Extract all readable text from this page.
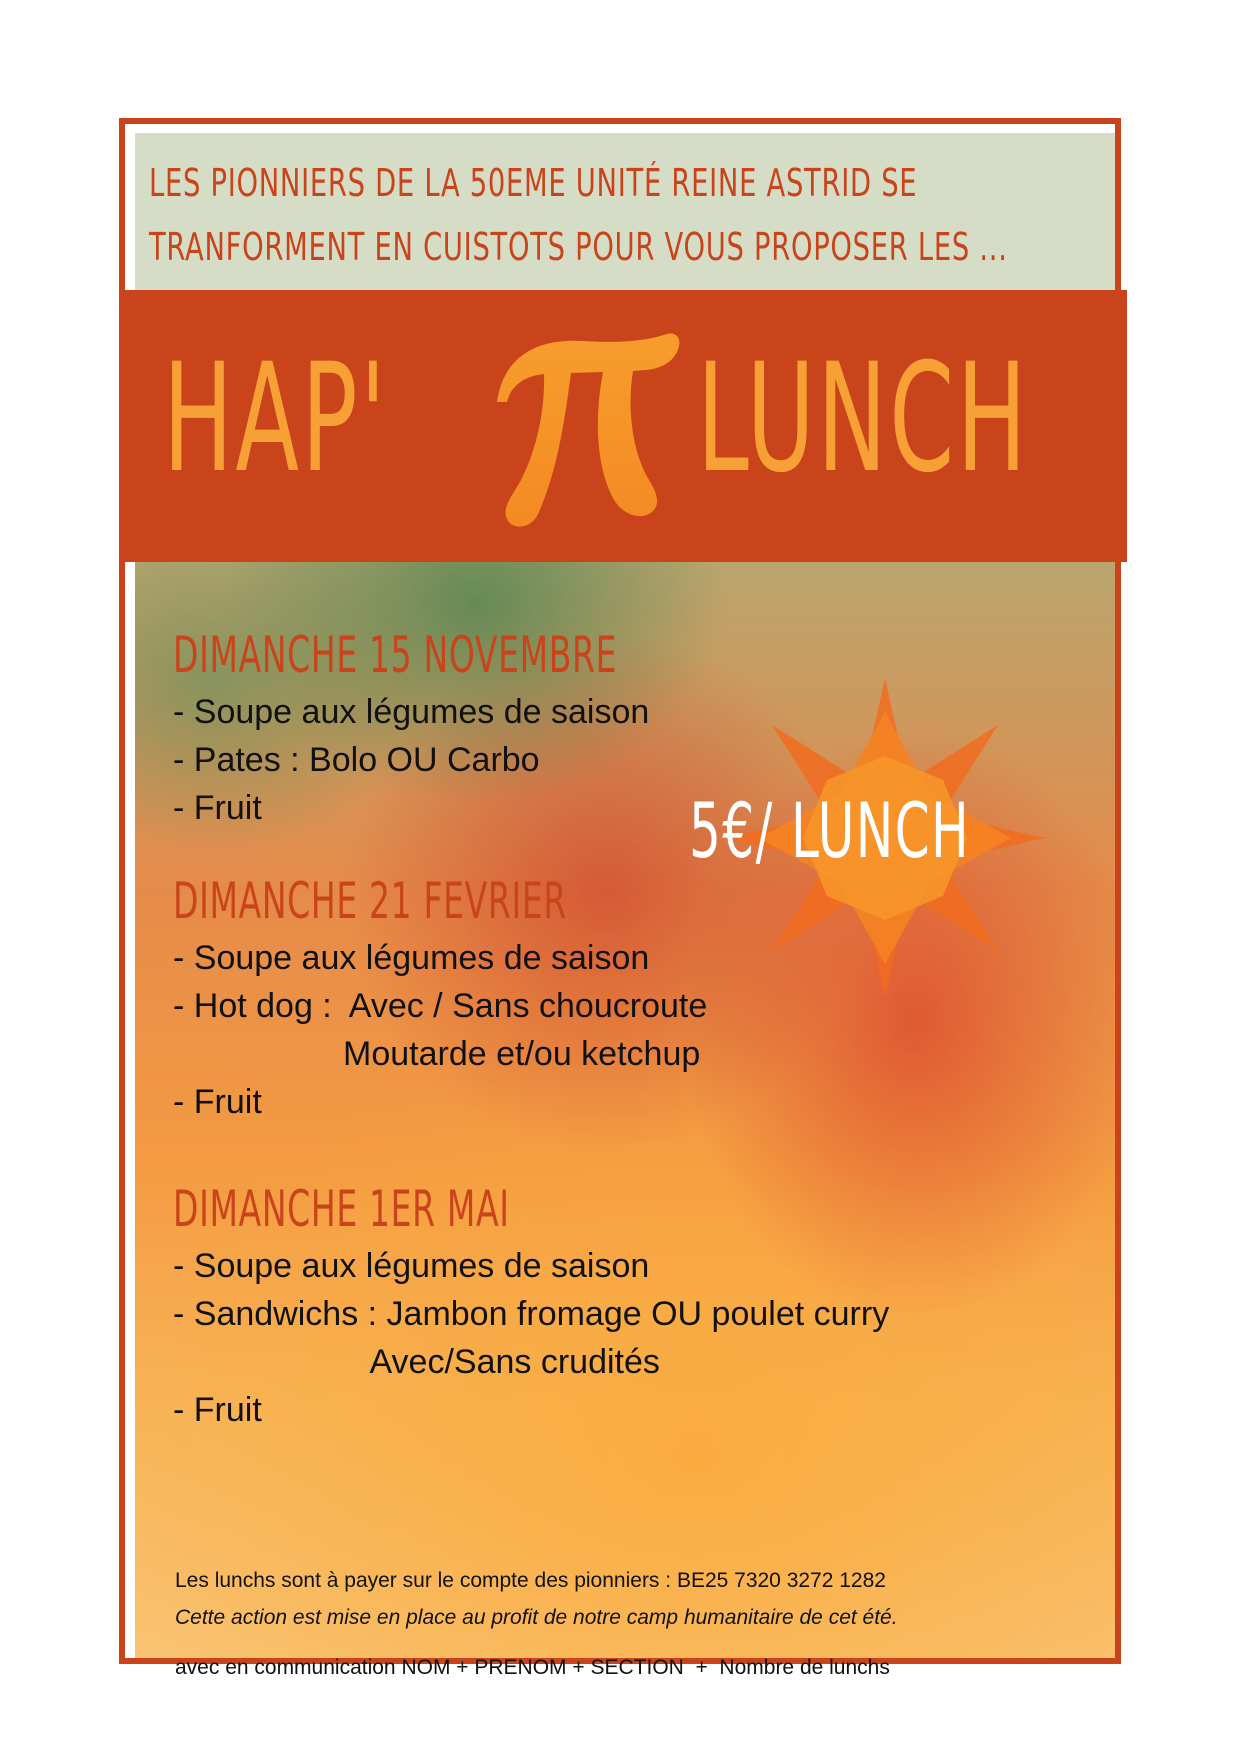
LES PIONNIERS DE LA 50EME UNITÉ REINE ASTRID SE TRANFORMENT EN CUISTOTS POUR VOUS PROPOSER LES ...

HAP' LUNCH
5€/ LUNCH
DIMANCHE 15 NOVEMBRE

- Soupe aux légumes de saison

- Pates : Bolo OU Carbo

- Fruit

DIMANCHE 21 FEVRIER

- Soupe aux légumes de saison

- Hot dog :  Avec / Sans choucroute

Moutarde et/ou ketchup

- Fruit

DIMANCHE 1ER MAI

- Soupe aux légumes de saison

- Sandwichs : Jambon fromage OU poulet curry

Avec/Sans crudités

- Fruit

Les lunchs sont à payer sur le compte des pionniers : BE25 7320 3272 1282

avec en communication NOM + PRENOM + SECTION  +  Nombre de lunchs

Cette action est mise en place au profit de notre camp humanitaire de cet été.
